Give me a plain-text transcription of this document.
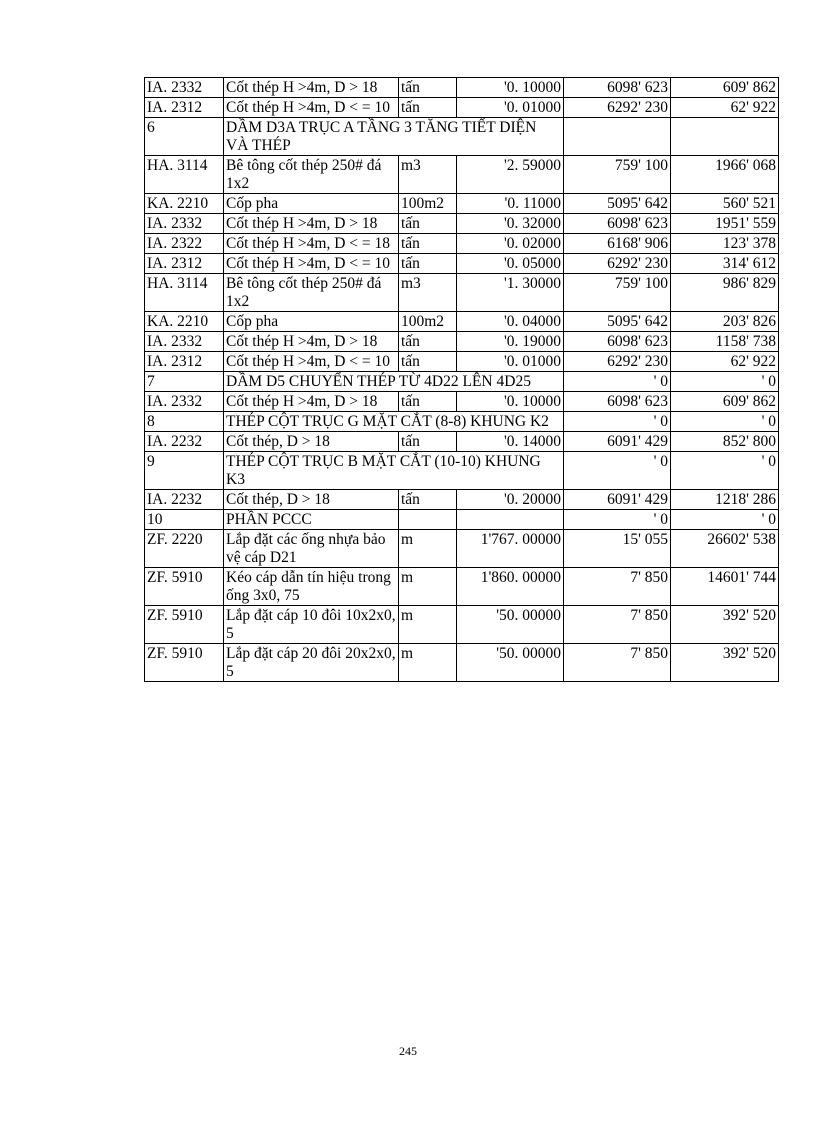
IA. 2332	Cốt thép H >4m, D > 18	tấn	'0. 10000	6098' 623	609' 862
IA. 2312	Cốt thép H >4m, D < = 10	tấn	'0. 01000	6292' 230	62' 922
6	DẦM D3A TRỤC A TẦNG 3 TĂNG TIẾT DIỆN VÀ THÉP				
HA. 3114	Bê tông cốt thép 250# đá 1x2	m3	'2. 59000	759' 100	1966' 068
KA. 2210	Cốp pha	100m2	'0. 11000	5095' 642	560' 521
IA. 2332	Cốt thép H >4m, D > 18	tấn	'0. 32000	6098' 623	1951' 559
IA. 2322	Cốt thép H >4m, D < = 18	tấn	'0. 02000	6168' 906	123' 378
IA. 2312	Cốt thép H >4m, D < = 10	tấn	'0. 05000	6292' 230	314' 612
HA. 3114	Bê tông cốt thép 250# đá 1x2	m3	'1. 30000	759' 100	986' 829
KA. 2210	Cốp pha	100m2	'0. 04000	5095' 642	203' 826
IA. 2332	Cốt thép H >4m, D > 18	tấn	'0. 19000	6098' 623	1158' 738
IA. 2312	Cốt thép H >4m, D < = 10	tấn	'0. 01000	6292' 230	62' 922
7	DẦM D5 CHUYỂN THÉP TỪ 4D22 LÊN 4D25			' 0	' 0
IA. 2332	Cốt thép H >4m, D > 18	tấn	'0. 10000	6098' 623	609' 862
8	THÉP CỘT TRỤC G MẶT CẮT (8-8) KHUNG K2			' 0	' 0
IA. 2232	Cốt thép, D > 18	tấn	'0. 14000	6091' 429	852' 800
9	THÉP CỘT TRỤC B MẶT CẮT (10-10) KHUNG K3			' 0	' 0
IA. 2232	Cốt thép, D > 18	tấn	'0. 20000	6091' 429	1218' 286
10	PHẦN PCCC			' 0	' 0
ZF. 2220	Lắp đặt các ống nhựa bảo vệ cáp D21	m	1'767. 00000	15' 055	26602' 538
ZF. 5910	Kéo cáp dẫn tín hiệu trong ống 3x0, 75	m	1'860. 00000	7' 850	14601' 744
ZF. 5910	Lắp đặt cáp 10 đôi 10x2x0, 5	m	'50. 00000	7' 850	392' 520
ZF. 5910	Lắp đặt cáp 20 đôi 20x2x0, 5	m	'50. 00000	7' 850	392' 520
245
